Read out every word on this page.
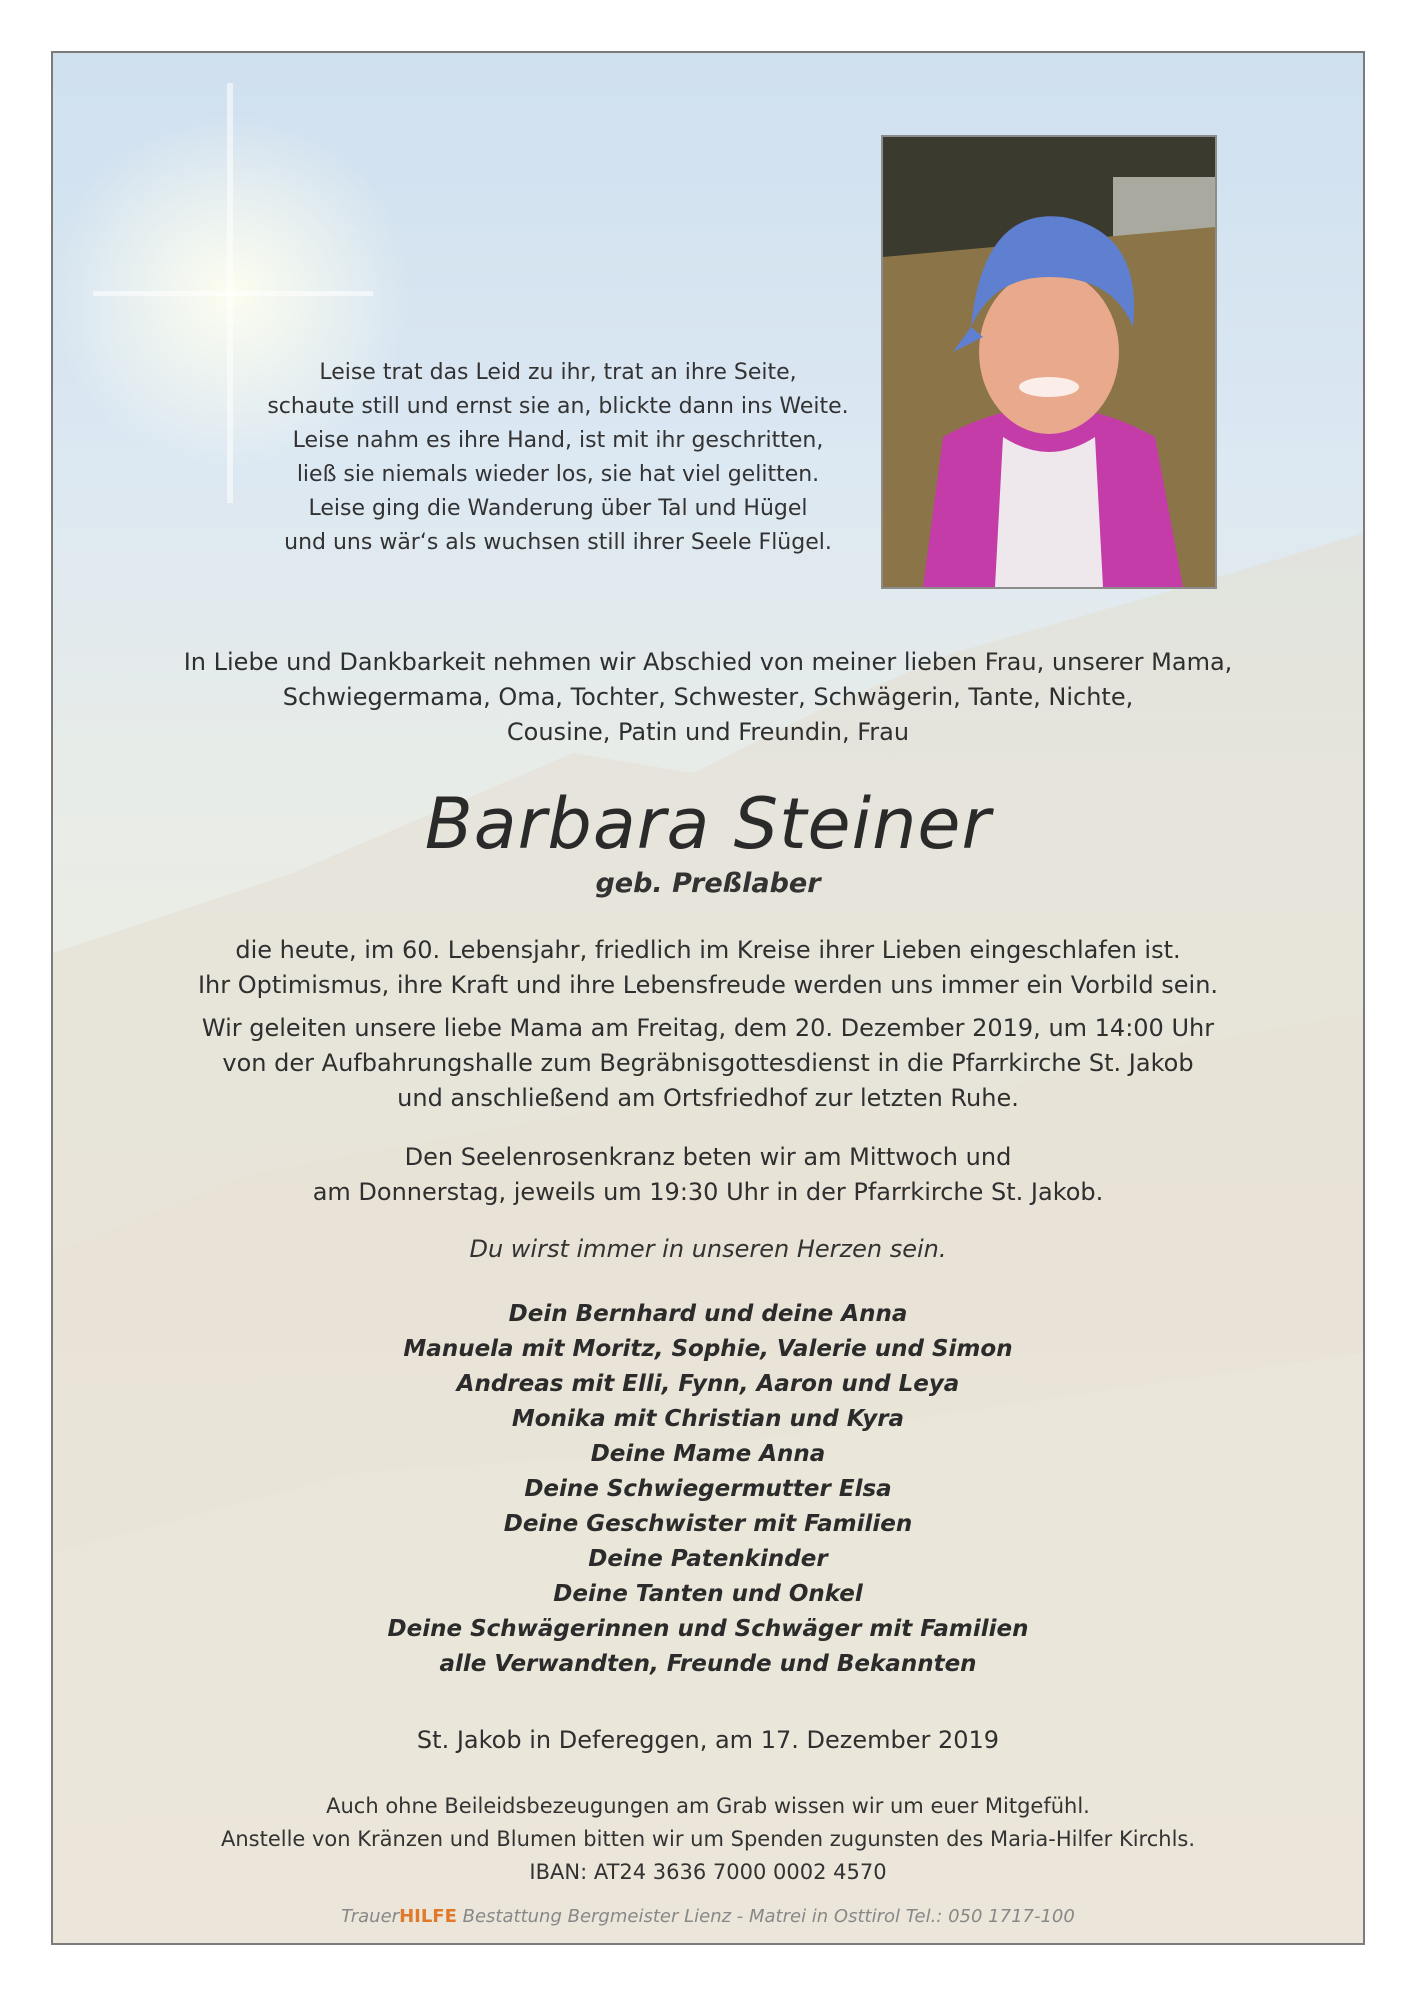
Leise trat das Leid zu ihr, trat an ihre Seite,
schaute still und ernst sie an, blickte dann ins Weite.
Leise nahm es ihre Hand, ist mit ihr geschritten,
ließ sie niemals wieder los, sie hat viel gelitten.
Leise ging die Wanderung über Tal und Hügel
und uns wär‘s als wuchsen still ihrer Seele Flügel.
In Liebe und Dankbarkeit nehmen wir Abschied von meiner lieben Frau, unserer Mama,
Schwiegermama, Oma, Tochter, Schwester, Schwägerin, Tante, Nichte,
Cousine, Patin und Freundin, Frau
Barbara Steiner
geb. Preßlaber
die heute, im 60. Lebensjahr, friedlich im Kreise ihrer Lieben eingeschlafen ist.
Ihr Optimismus, ihre Kraft und ihre Lebensfreude werden uns immer ein Vorbild sein.
Wir geleiten unsere liebe Mama am Freitag, dem 20. Dezember 2019, um 14:00 Uhr
von der Aufbahrungshalle zum Begräbnisgottesdienst in die Pfarrkirche St. Jakob
und anschließend am Ortsfriedhof zur letzten Ruhe.
Den Seelenrosenkranz beten wir am Mittwoch und
am Donnerstag, jeweils um 19:30 Uhr in der Pfarrkirche St. Jakob.
Du wirst immer in unseren Herzen sein.
Dein Bernhard und deine Anna
Manuela mit Moritz, Sophie, Valerie und Simon
Andreas mit Elli, Fynn, Aaron und Leya
Monika mit Christian und Kyra
Deine Mame Anna
Deine Schwiegermutter Elsa
Deine Geschwister mit Familien
Deine Patenkinder
Deine Tanten und Onkel
Deine Schwägerinnen und Schwäger mit Familien
alle Verwandten, Freunde und Bekannten
St. Jakob in Defereggen, am 17. Dezember 2019
Auch ohne Beileidsbezeugungen am Grab wissen wir um euer Mitgefühl.
Anstelle von Kränzen und Blumen bitten wir um Spenden zugunsten des Maria-Hilfer Kirchls.
IBAN: AT24 3636 7000 0002 4570
TrauerHILFE Bestattung Bergmeister Lienz - Matrei in Osttirol Tel.: 050 1717-100
